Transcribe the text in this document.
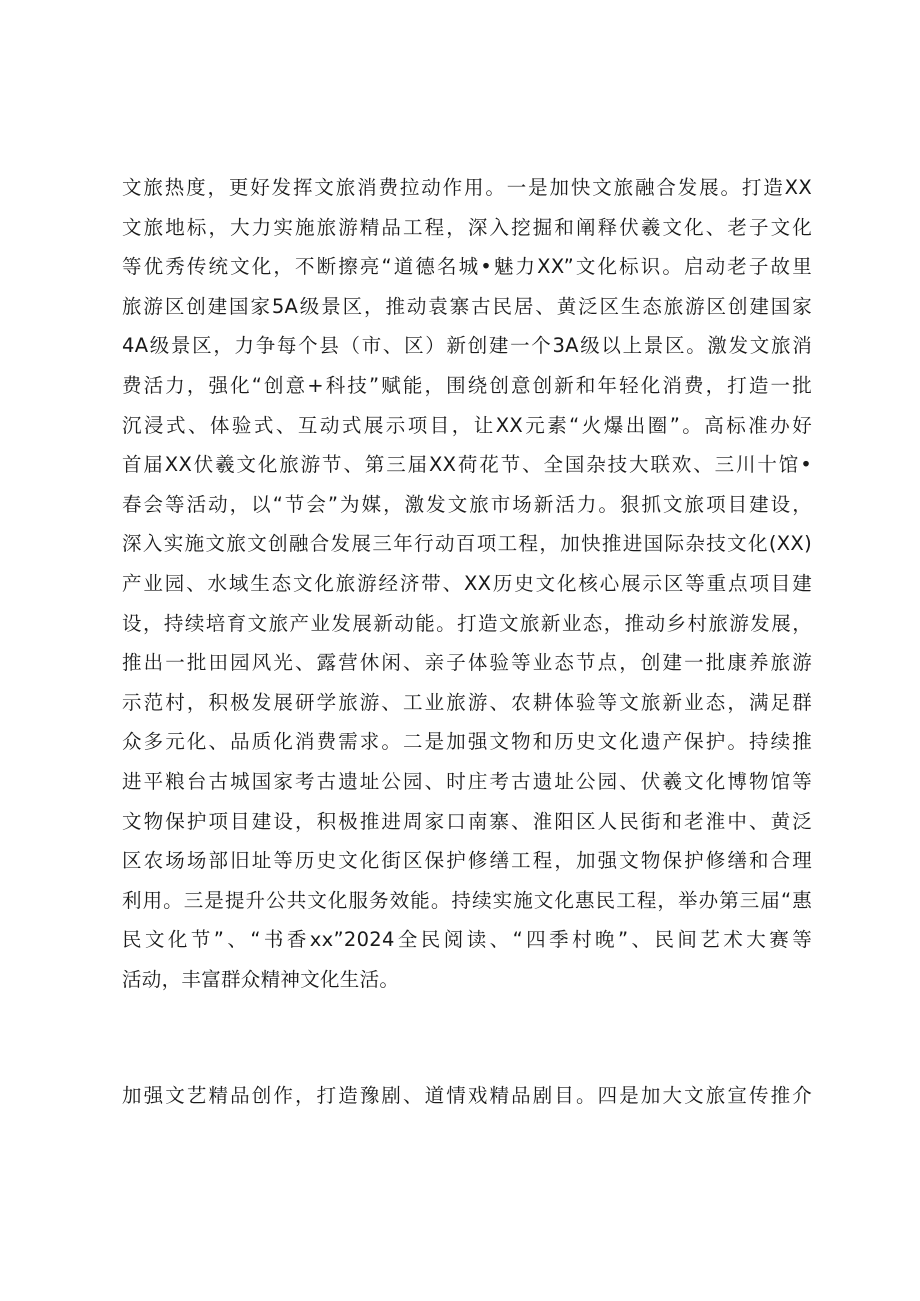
文旅热度，更好发挥文旅消费拉动作用。一是加快文旅融合发展。打造XX
文旅地标，大力实施旅游精品工程，深入挖掘和阐释伏羲文化、老子文化
等优秀传统文化，不断擦亮“道德名城•魅力XX”文化标识。启动老子故里
旅游区创建国家5A级景区，推动袁寨古民居、黄泛区生态旅游区创建国家
4A级景区，力争每个县（市、区）新创建一个3A级以上景区。激发文旅消
费活力，强化“创意+科技”赋能，围绕创意创新和年轻化消费，打造一批
沉浸式、体验式、互动式展示项目，让XX元素“火爆出圈”。高标准办好
首届XX伏羲文化旅游节、第三届XX荷花节、全国杂技大联欢、三川十馆•
春会等活动，以“节会”为媒，激发文旅市场新活力。狠抓文旅项目建设，
深入实施文旅文创融合发展三年行动百项工程，加快推进国际杂技文化(XX)
产业园、水域生态文化旅游经济带、XX历史文化核心展示区等重点项目建
设，持续培育文旅产业发展新动能。打造文旅新业态，推动乡村旅游发展，
推出一批田园风光、露营休闲、亲子体验等业态节点，创建一批康养旅游
示范村，积极发展研学旅游、工业旅游、农耕体验等文旅新业态，满足群
众多元化、品质化消费需求。二是加强文物和历史文化遗产保护。持续推
进平粮台古城国家考古遗址公园、时庄考古遗址公园、伏羲文化博物馆等
文物保护项目建设，积极推进周家口南寨、淮阳区人民街和老淮中、黄泛
区农场场部旧址等历史文化街区保护修缮工程，加强文物保护修缮和合理
利用。三是提升公共文化服务效能。持续实施文化惠民工程，举办第三届“惠
民文化节”、“书香xx”2024全民阅读、“四季村晚”、民间艺术大赛等
活动，丰富群众精神文化生活。
加强文艺精品创作，打造豫剧、道情戏精品剧目。四是加大文旅宣传推介
